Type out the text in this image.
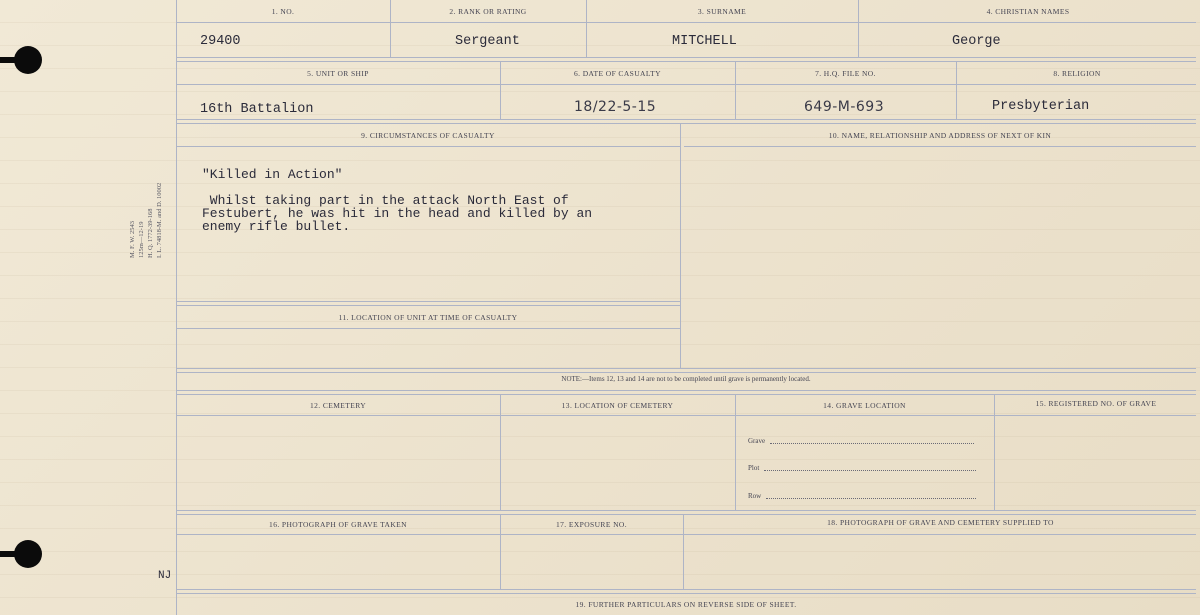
M. F. W. 2543 125m—12-19 H. Q. 1772-39-168 I. L. 74818-M. and D. 10002
NJ
1. NO.	2. RANK OR RATING	3. SURNAME	4. CHRISTIAN NAMES
29400	Sergeant	MITCHELL	George
5. UNIT OR SHIP	6. DATE OF CASUALTY	7. H.Q. FILE NO.	8. RELIGION
16th Battalion	18/22-5-15	649-M-693	Presbyterian
9. CIRCUMSTANCES OF CASUALTY	10. NAME, RELATIONSHIP AND ADDRESS OF NEXT OF KIN
"Killed in Action"
Whilst taking part in the attack North East of
Festubert, he was hit in the head and killed by an
enemy rifle bullet.
11. LOCATION OF UNIT AT TIME OF CASUALTY
NOTE:—Items 12, 13 and 14 are not to be completed until grave is permanently located.
12. CEMETERY	13. LOCATION OF CEMETERY	14. GRAVE LOCATION	15. REGISTERED NO. OF GRAVE
Grave
Plot
Row
16. PHOTOGRAPH OF GRAVE TAKEN	17. EXPOSURE NO.	18. PHOTOGRAPH OF GRAVE AND CEMETERY SUPPLIED TO
19. FURTHER PARTICULARS ON REVERSE SIDE OF SHEET.
